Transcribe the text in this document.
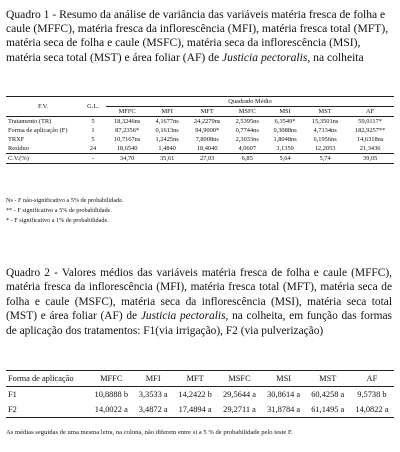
Quadro 1 - Resumo da análise de variância das variáveis matéria fresca de folha e caule (MFFC), matéria fresca da inflorescência (MFI), matéria fresca total (MFT), matéria seca de folha e caule (MSFC), matéria seca da inflorescência (MSI), matéria seca total (MST) e área foliar (AF) de Justicia pectoralis, na colheita
F.V.	G.L.	Quadrado Médio						
		MFFC	MFI	MFT	MSFC	MSI	MST	AF
Tratamento (TR)	5	18,3246ns	4,1677ns	24,2279ns	2,5395ns	6,3549*	15,3501ns	59,0117*
Forma de aplicação (F)	1	87,2356*	0,1613ns	94,9000*	0,7744ns	9,3088ns	4,7134ns	182,9257**
TRXF	5	10,7167ns	1,2425ns	7,8908ns	2,3033ns	1,8048ns	6,1956ns	14,6318ns
Resíduo	24	18,6540	1,4840	18,4040	4,0607	3,1359	12,2053	21,3436
C.V.(%)	-	34,70	35,61	27,03	6,85	5,64	5,74	39,05
Ns - F não-significativo a 5% de probabilidade.
** - F significativo a 5% de probabilidade.
* - F significativo a 1% de probabilidade.
Quadro 2 - Valores médios das variáveis matéria fresca de folha e caule (MFFC), matéria fresca da inflorescência (MFI), matéria fresca total (MFT), matéria seca de folha e caule (MSFC), matéria seca da inflorescência (MSI), matéria seca total (MST) e área foliar (AF) de Justicia pectoralis, na colheita, em função das formas de aplicação dos tratamentos: F1(via irrigação), F2 (via pulverização)
Forma de aplicação	MFFC	MFI	MFT	MSFC	MSI	MST	AF
F1	10,8888 b	3,3533 a	14,2422 b	29,5644 a	30,8614 a	60,4258 a	9,5738 b
F2	14,0022 a	3,4872 a	17,4894 a	29,2711 a	31,8784 a	61,1495 a	14,0822 a
As médias seguidas de uma mesma letra, na coluna, não diferem entre si a 5 % de probabilidade pelo teste F.
